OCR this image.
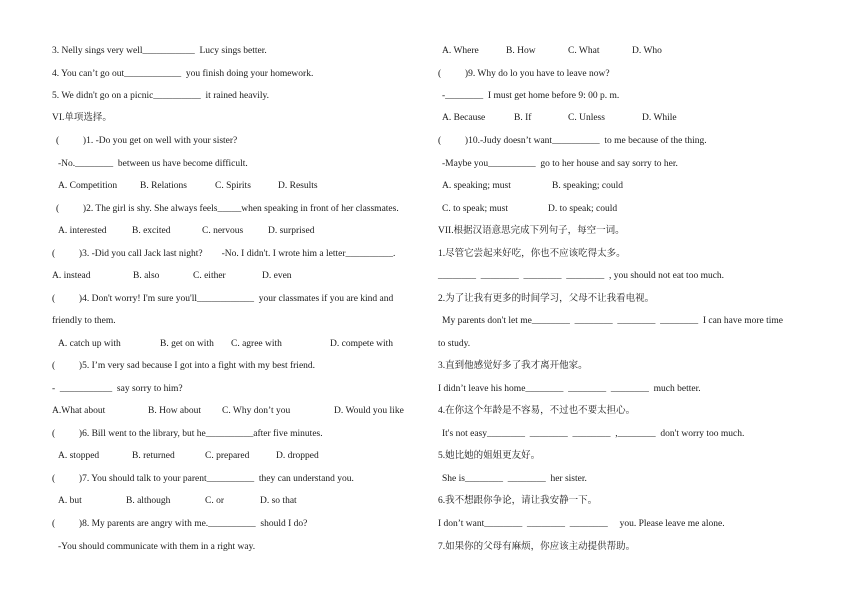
3. Nelly sings very well___________  Lucy sings better.
4. You can’t go out____________  you finish doing your homework.
5. We didn't go on a picnic__________  it rained heavily.
VI.单项选择。
(          )1. -Do you get on well with your sister?
-No.________  between us have become difficult.
A. Competition B. Relations	C. Spirits	D. Results
(          )2. The girl is shy. She always feels_____when speaking in front of her classmates.
A. interested	B. excited	C. nervous	D. surprised
(          )3. -Did you call Jack last night?        -No. I didn't. I wrote him a letter__________.
A. instead	B. also	C. either	D. even
(          )4. Don't worry! I'm sure you'll____________  your classmates if you are kind and
friendly to them.
A. catch up with	B. get on with C. agree with	D. compete with
(          )5. I’m very sad because I got into a fight with my best friend.
-  ___________  say sorry to him?
A.What about	B. How about C. Why don’t you	D. Would you like
(          )6. Bill went to the library, but he__________after five minutes.
A. stopped	B. returned	C. prepared	D. dropped
(          )7. You should talk to your parent__________  they can understand you.
A. but	B. although	C. or	D. so that
(          )8. My parents are angry with me.__________  should I do?
-You should communicate with them in a right way.
A. Where	B. How	C. What	D. Who
(          )9. Why do lo you have to leave now?
-________  I must get home before 9: 00 p. m.
A. Because	B. If	C. Unless	D. While
(          )10.-Judy doesn’t want__________  to me because of the thing.
-Maybe you__________  go to her house and say sorry to her.
A. speaking; must	B. speaking; could
C. to speak; must	D. to speak; could
VII.根据汉语意思完成下列句子，每空一词。
1.尽管它尝起来好吃，你也不应该吃得太多。
________  ________  ________  ________  , you should not eat too much.
2.为了让我有更多的时间学习，父母不让我看电视。
My parents don't let me________  ________  ________  ________  I can have more time
to study.
3.直到他感觉好多了我才离开他家。
I didn’t leave his home________  ________  ________  much better.
4.在你这个年龄是不容易，不过也不要太担心。
It's not easy________  ________  ________  ,________  don't worry too much.
5.她比她的姐姐更友好。
She is________  ________  her sister.
6.我不想跟你争论，请让我安静一下。
I don’t want________  ________  ________     you. Please leave me alone.
7.如果你的父母有麻烦，你应该主动提供帮助。
